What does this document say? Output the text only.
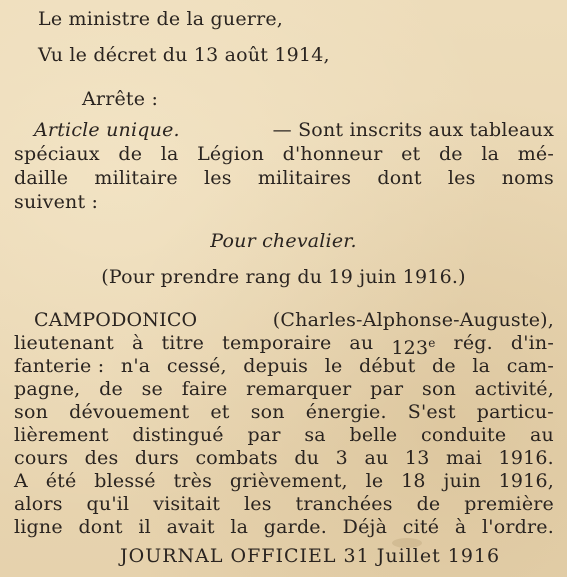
Le ministre de la guerre,
Vu le décret du 13 août 1914,
Arrête :
Article unique.	— Sont inscrits aux tableaux
spéciaux de la Légion d'honneur et de la mé-
daille militaire les militaires dont les noms
suivent :
Pour chevalier.
(Pour prendre rang du 19 juin 1916.)
CAMPODONICO	(Charles-Alphonse-Auguste),
lieutenant à titre temporaire au 123e rég. d'in-
fanterie : n'a cessé, depuis le début de la cam-
pagne, de se faire remarquer par son activité,
son dévouement et son énergie. S'est particu-
lièrement distingué par sa belle conduite au
cours des durs combats du 3 au 13 mai 1916.
A été blessé très grièvement, le 18 juin 1916,
alors qu'il visitait les tranchées de première
ligne dont il avait la garde. Déjà cité à l'ordre.
JOURNAL OFFICIEL 31 Juillet 1916
